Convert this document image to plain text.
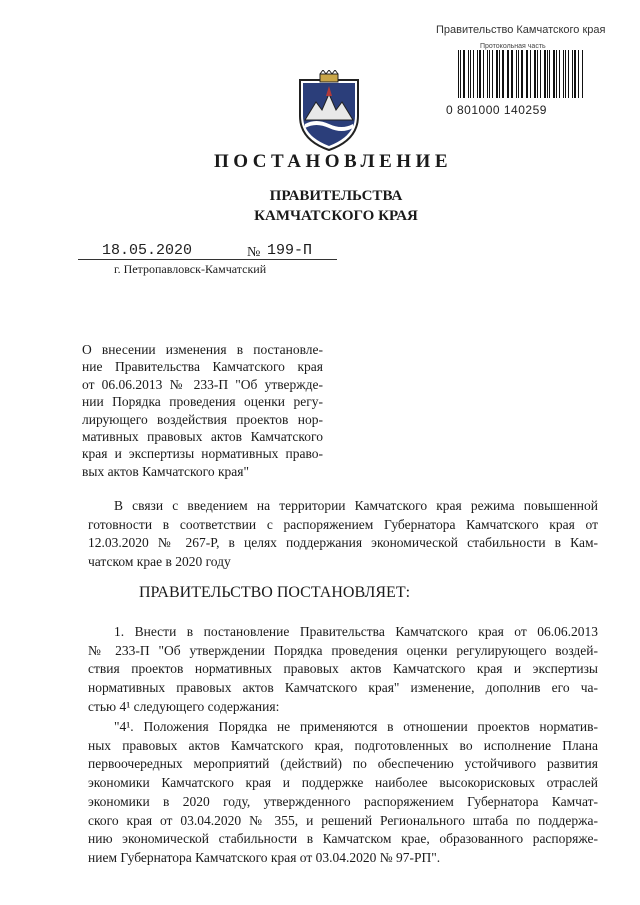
Правительство Камчатского края
Протокольная часть
0 801000 140259
ПОСТАНОВЛЕНИЕ
ПРАВИТЕЛЬСТВА
КАМЧАТСКОГО КРАЯ
18.05.2020	№ 199-П
г. Петропавловск-Камчатский
О внесении изменения в постановле-
ние Правительства Камчатского края
от 06.06.2013 № 233-П "Об утвержде-
нии Порядка проведения оценки регу-
лирующего воздействия проектов нор-
мативных правовых актов Камчатского
края и экспертизы нормативных право-
вых актов Камчатского края"
В связи с введением на территории Камчатского края режима повышенной
готовности в соответствии с распоряжением Губернатора Камчатского края от
12.03.2020 № 267-Р, в целях поддержания экономической стабильности в Кам-
чатском крае в 2020 году
ПРАВИТЕЛЬСТВО ПОСТАНОВЛЯЕТ:
1. Внести в постановление Правительства Камчатского края от 06.06.2013
№ 233-П "Об утверждении Порядка проведения оценки регулирующего воздей-
ствия проектов нормативных правовых актов Камчатского края и экспертизы
нормативных правовых актов Камчатского края" изменение, дополнив его ча-
стью 4¹ следующего содержания:
"4¹. Положения Порядка не применяются в отношении проектов норматив-
ных правовых актов Камчатского края, подготовленных во исполнение Плана
первоочередных мероприятий (действий) по обеспечению устойчивого развития
экономики Камчатского края и поддержке наиболее высокорисковых отраслей
экономики в 2020 году, утвержденного распоряжением Губернатора Камчат-
ского края от 03.04.2020 № 355, и решений Регионального штаба по поддержа-
нию экономической стабильности в Камчатском крае, образованного распоряже-
нием Губернатора Камчатского края от 03.04.2020 № 97-РП".
